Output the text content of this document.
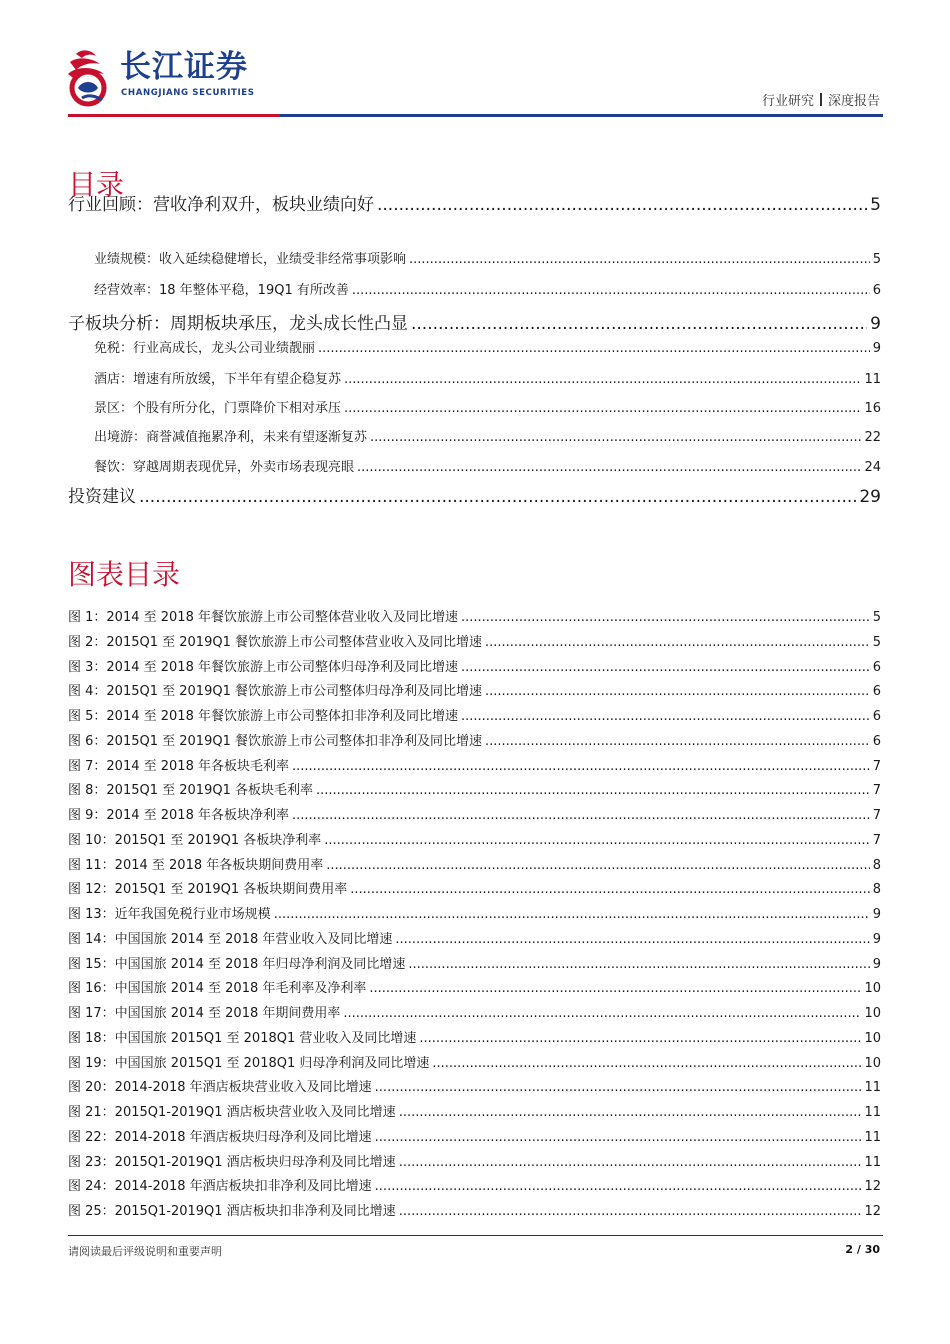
长江证券
CHANGJIANG SECURITIES
行业研究 深度报告
目录
行业回顾：营收净利双升，板块业绩向好 .....	5
业绩规模：收入延续稳健增长，业绩受非经常事项影响 .....	5
经营效率：18 年整体平稳，19Q1 有所改善 .....	6
子板块分析：周期板块承压，龙头成长性凸显 .....	9
免税：行业高成长，龙头公司业绩靓丽 .....	9
酒店：增速有所放缓，下半年有望企稳复苏 .....	11
景区：个股有所分化，门票降价下相对承压 .....	16
出境游：商誉减值拖累净利，未来有望逐渐复苏 .....	22
餐饮：穿越周期表现优异，外卖市场表现亮眼 .....	24
投资建议 .....	29
图表目录
图 1：2014 至 2018 年餐饮旅游上市公司整体营业收入及同比增速 .....	5
图 2：2015Q1 至 2019Q1 餐饮旅游上市公司整体营业收入及同比增速 .....	5
图 3：2014 至 2018 年餐饮旅游上市公司整体归母净利及同比增速 .....	6
图 4：2015Q1 至 2019Q1 餐饮旅游上市公司整体归母净利及同比增速 .....	6
图 5：2014 至 2018 年餐饮旅游上市公司整体扣非净利及同比增速 .....	6
图 6：2015Q1 至 2019Q1 餐饮旅游上市公司整体扣非净利及同比增速 .....	6
图 7：2014 至 2018 年各板块毛利率 .....	7
图 8：2015Q1 至 2019Q1 各板块毛利率 .....	7
图 9：2014 至 2018 年各板块净利率 .....	7
图 10：2015Q1 至 2019Q1 各板块净利率 .....	7
图 11：2014 至 2018 年各板块期间费用率 .....	8
图 12：2015Q1 至 2019Q1 各板块期间费用率 .....	8
图 13：近年我国免税行业市场规模 .....	9
图 14：中国国旅 2014 至 2018 年营业收入及同比增速 .....	9
图 15：中国国旅 2014 至 2018 年归母净利润及同比增速 .....	9
图 16：中国国旅 2014 至 2018 年毛利率及净利率 .....	10
图 17：中国国旅 2014 至 2018 年期间费用率 .....	10
图 18：中国国旅 2015Q1 至 2018Q1 营业收入及同比增速 .....	10
图 19：中国国旅 2015Q1 至 2018Q1 归母净利润及同比增速 .....	10
图 20：2014-2018 年酒店板块营业收入及同比增速 .....	11
图 21：2015Q1-2019Q1 酒店板块营业收入及同比增速 .....	11
图 22：2014-2018 年酒店板块归母净利及同比增速 .....	11
图 23：2015Q1-2019Q1 酒店板块归母净利及同比增速 .....	11
图 24：2014-2018 年酒店板块扣非净利及同比增速 .....	12
图 25：2015Q1-2019Q1 酒店板块扣非净利及同比增速 .....	12
请阅读最后评级说明和重要声明	2 / 30
